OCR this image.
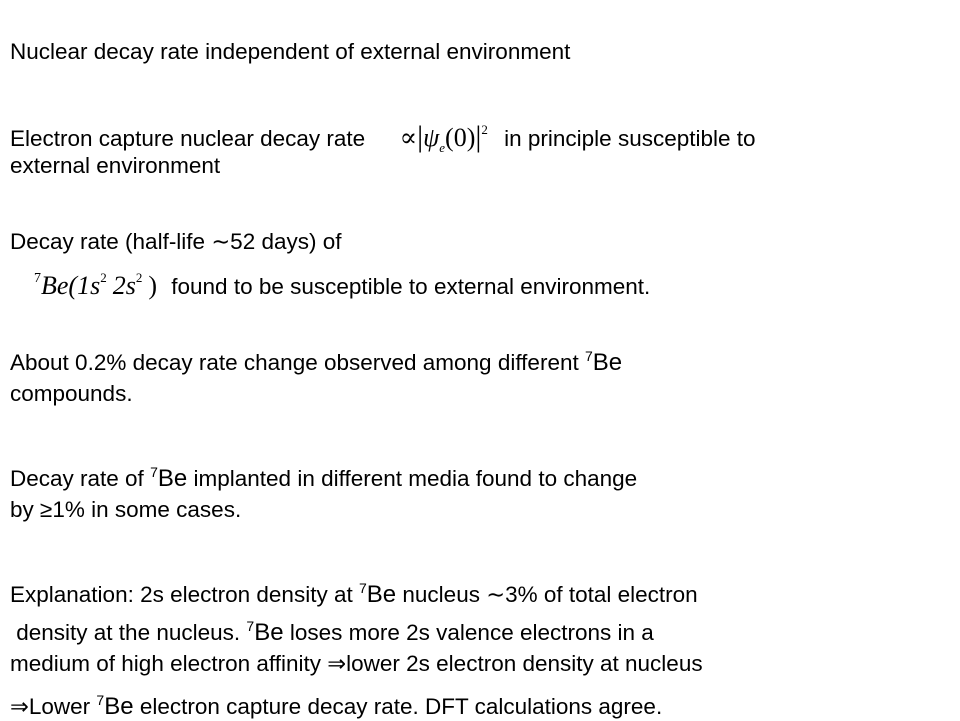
Nuclear decay rate independent of external environment
Electron capture nuclear decay rate $\propto|\psi_e(0)|^2$ in principle susceptible to
external environment
Decay rate (half-life ∼52 days) of
$^7Be(1s^2$ $2s^2$ ) found to be susceptible to external environment.
About 0.2% decay rate change observed among different $^7$Be
compounds.
Decay rate of $^7$Be implanted in different media found to change
by ≥1% in some cases.
Explanation: 2s electron density at $^7$Be nucleus ∼3% of total electron
density at the nucleus. $^7$Be loses more 2s valence electrons in a
medium of high electron affinity ⇒lower 2s electron density at nucleus
⇒Lower $^7$Be electron capture decay rate. DFT calculations agree.
